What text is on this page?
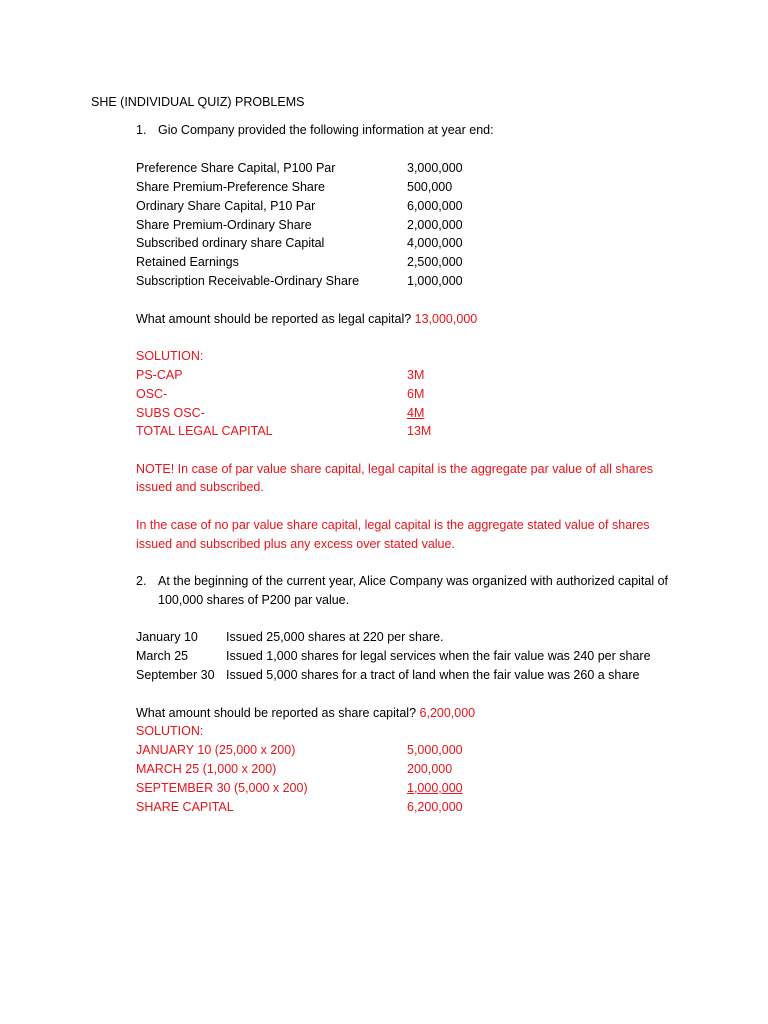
SHE (INDIVIDUAL QUIZ) PROBLEMS
1. Gio Company provided the following information at year end:
Preference Share Capital, P100 Par	3,000,000
Share Premium-Preference Share	500,000
Ordinary Share Capital, P10 Par	6,000,000
Share Premium-Ordinary Share	2,000,000
Subscribed ordinary share Capital	4,000,000
Retained Earnings	2,500,000
Subscription Receivable-Ordinary Share	1,000,000
What amount should be reported as legal capital? 13,000,000
SOLUTION:
PS-CAP	3M
OSC-	6M
SUBS OSC-	4M
TOTAL LEGAL CAPITAL	13M
NOTE! In case of par value share capital, legal capital is the aggregate par value of all shares
issued and subscribed.
In the case of no par value share capital, legal capital is the aggregate stated value of shares
issued and subscribed plus any excess over stated value.
2. At the beginning of the current year, Alice Company was organized with authorized capital of
100,000 shares of P200 par value.
January 10 Issued 25,000 shares at 220 per share.
March 25	Issued 1,000 shares for legal services when the fair value was 240 per share
September 30 Issued 5,000 shares for a tract of land when the fair value was 260 a share
What amount should be reported as share capital? 6,200,000
SOLUTION:
JANUARY 10 (25,000 x 200)	5,000,000
MARCH 25 (1,000 x 200)	200,000
SEPTEMBER 30 (5,000 x 200)	1,000,000
SHARE CAPITAL	6,200,000
